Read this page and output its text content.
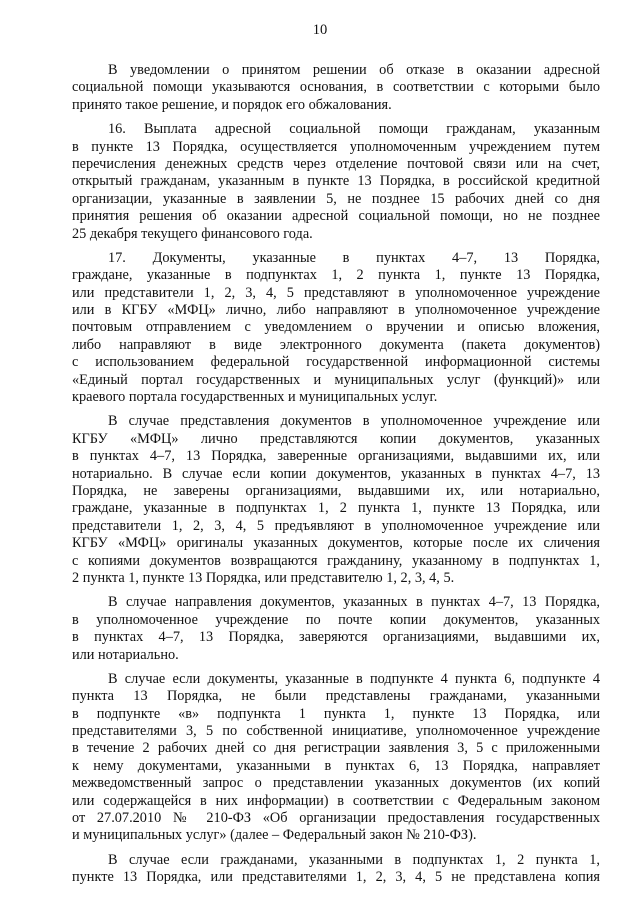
10
В уведомлении о принятом решении об отказе в оказании адресной
социальной помощи указываются основания, в соответствии с которыми было
принято такое решение, и порядок его обжалования.
16. Выплата адресной социальной помощи гражданам, указанным
в пункте 13 Порядка, осуществляется уполномоченным учреждением путем
перечисления денежных средств через отделение почтовой связи или на счет,
открытый гражданам, указанным в пункте 13 Порядка, в российской кредитной
организации, указанные в заявлении 5, не позднее 15 рабочих дней со дня
принятия решения об оказании адресной социальной помощи, но не позднее
25 декабря текущего финансового года.
17. Документы, указанные в пунктах 4–7, 13 Порядка,
граждане, указанные в подпунктах 1, 2 пункта 1, пункте 13 Порядка,
или представители 1, 2, 3, 4, 5 представляют в уполномоченное учреждение
или в КГБУ «МФЦ» лично, либо направляют в уполномоченное учреждение
почтовым отправлением с уведомлением о вручении и описью вложения,
либо направляют в виде электронного документа (пакета документов)
с использованием федеральной государственной информационной системы
«Единый портал государственных и муниципальных услуг (функций)» или
краевого портала государственных и муниципальных услуг.
В случае представления документов в уполномоченное учреждение или
КГБУ «МФЦ» лично представляются копии документов, указанных
в пунктах 4–7, 13 Порядка, заверенные организациями, выдавшими их, или
нотариально. В случае если копии документов, указанных в пунктах 4–7, 13
Порядка, не заверены организациями, выдавшими их, или нотариально,
граждане, указанные в подпунктах 1, 2 пункта 1, пункте 13 Порядка, или
представители 1, 2, 3, 4, 5 предъявляют в уполномоченное учреждение или
КГБУ «МФЦ» оригиналы указанных документов, которые после их сличения
с копиями документов возвращаются гражданину, указанному в подпунктах 1,
2 пункта 1, пункте 13 Порядка, или представителю 1, 2, 3, 4, 5.
В случае направления документов, указанных в пунктах 4–7, 13 Порядка,
в уполномоченное учреждение по почте копии документов, указанных
в пунктах 4–7, 13 Порядка, заверяются организациями, выдавшими их,
или нотариально.
В случае если документы, указанные в подпункте 4 пункта 6, подпункте 4
пункта 13 Порядка, не были представлены гражданами, указанными
в подпункте «в» подпункта 1 пункта 1, пункте 13 Порядка, или
представителями 3, 5 по собственной инициативе, уполномоченное учреждение
в течение 2 рабочих дней со дня регистрации заявления 3, 5 с приложенными
к нему документами, указанными в пунктах 6, 13 Порядка, направляет
межведомственный запрос о представлении указанных документов (их копий
или содержащейся в них информации) в соответствии с Федеральным законом
от 27.07.2010 № 210-ФЗ «Об организации предоставления государственных
и муниципальных услуг» (далее – Федеральный закон № 210-ФЗ).
В случае если гражданами, указанными в подпунктах 1, 2 пункта 1,
пункте 13 Порядка, или представителями 1, 2, 3, 4, 5 не представлена копия
